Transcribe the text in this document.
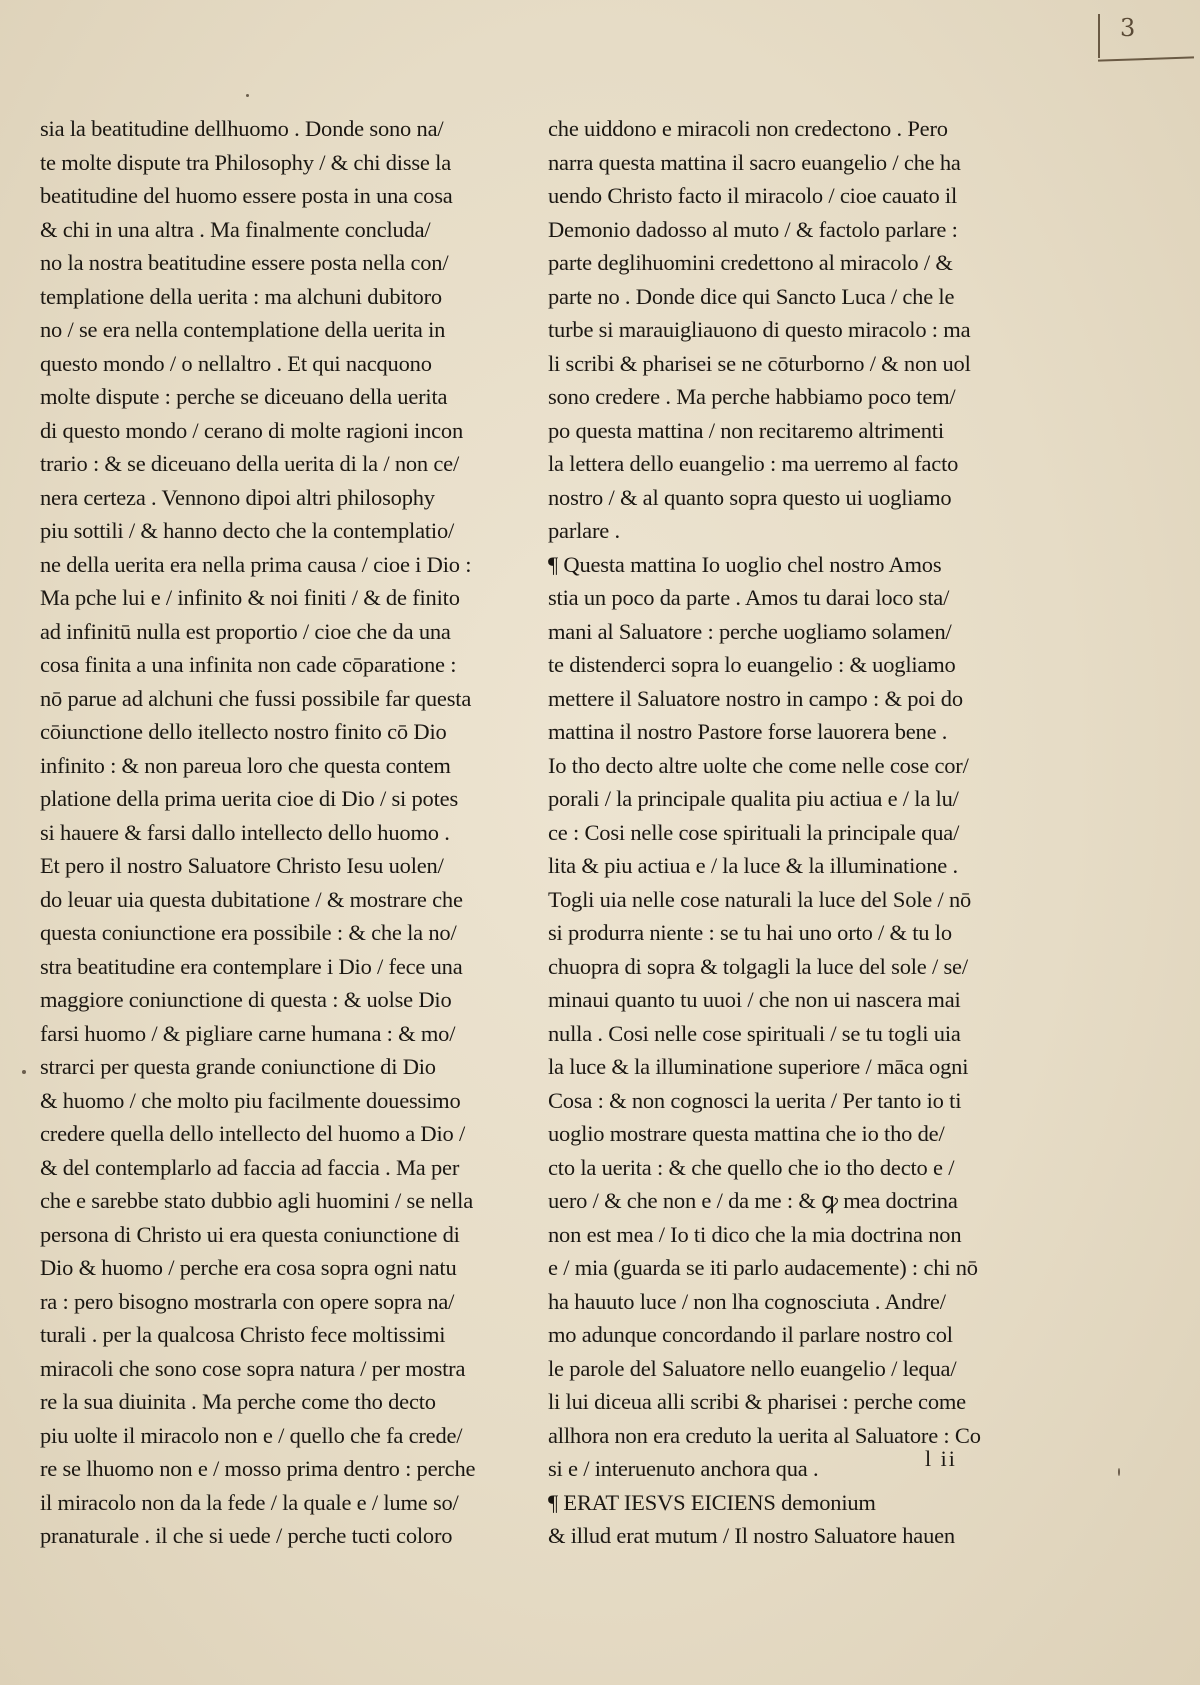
3
sia la beatitudine dellhuomo . Donde sono na/
te molte dispute tra Philosophy / & chi disse la
beatitudine del huomo essere posta in una cosa
& chi in una altra . Ma finalmente concluda/
no la nostra beatitudine essere posta nella con/
templatione della uerita : ma alchuni dubitoro
no / se era nella contemplatione della uerita in
questo mondo / o nellaltro . Et qui nacquono
molte dispute : perche se diceuano della uerita
di questo mondo / cerano di molte ragioni incon
trario : & se diceuano della uerita di la / non ce/
nera certeza . Vennono dipoi altri philosophy
piu sottili / & hanno decto che la contemplatio/
ne della uerita era nella prima causa / cioe i Dio :
Ma pche lui e / infinito & noi finiti / & de finito
ad infinitū nulla est proportio / cioe che da una
cosa finita a una infinita non cade cōparatione :
nō parue ad alchuni che fussi possibile far questa
cōiunctione dello itellecto nostro finito cō Dio
infinito : & non pareua loro che questa contem
platione della prima uerita cioe di Dio / si potes
si hauere & farsi dallo intellecto dello huomo .
Et pero il nostro Saluatore Christo Iesu uolen/
do leuar uia questa dubitatione / & mostrare che
questa coniunctione era possibile : & che la no/
stra beatitudine era contemplare i Dio / fece una
maggiore coniunctione di questa : & uolse Dio
farsi huomo / & pigliare carne humana : & mo/
strarci per questa grande coniunctione di Dio
& huomo / che molto piu facilmente douessimo
credere quella dello intellecto del huomo a Dio /
& del contemplarlo ad faccia ad faccia . Ma per
che e sarebbe stato dubbio agli huomini / se nella
persona di Christo ui era questa coniunctione di
Dio & huomo / perche era cosa sopra ogni natu
ra : pero bisogno mostrarla con opere sopra na/
turali . per la qualcosa Christo fece moltissimi
miracoli che sono cose sopra natura / per mostra
re la sua diuinita . Ma perche come tho decto
piu uolte il miracolo non e / quello che fa crede/
re se lhuomo non e / mosso prima dentro : perche
il miracolo non da la fede / la quale e / lume so/
pranaturale . il che si uede / perche tucti coloro
che uiddono e miracoli non credectono . Pero
narra questa mattina il sacro euangelio / che ha
uendo Christo facto il miracolo / cioe cauato il
Demonio dadosso al muto / & factolo parlare :
parte deglihuomini credettono al miracolo / &
parte no . Donde dice qui Sancto Luca / che le
turbe si marauigliauono di questo miracolo : ma
li scribi & pharisei se ne cōturborno / & non uol
sono credere . Ma perche habbiamo poco tem/
po questa mattina / non recitaremo altrimenti
la lettera dello euangelio : ma uerremo al facto
nostro / & al quanto sopra questo ui uogliamo
parlare .
¶ Questa mattina Io uoglio chel nostro Amos
stia un poco da parte . Amos tu darai loco sta/
mani al Saluatore : perche uogliamo solamen/
te distenderci sopra lo euangelio : & uogliamo
mettere il Saluatore nostro in campo : & poi do
mattina il nostro Pastore forse lauorera bene .
Io tho decto altre uolte che come nelle cose cor/
porali / la principale qualita piu actiua e / la lu/
ce : Cosi nelle cose spirituali la principale qua/
lita & piu actiua e / la luce & la illuminatione .
Togli uia nelle cose naturali la luce del Sole / nō
si produrra niente : se tu hai uno orto / & tu lo
chuopra di sopra & tolgagli la luce del sole / se/
minaui quanto tu uuoi / che non ui nascera mai
nulla . Cosi nelle cose spirituali / se tu togli uia
la luce & la illuminatione superiore / māca ogni
Cosa : & non cognosci la uerita / Per tanto io ti
uoglio mostrare questa mattina che io tho de/
cto la uerita : & che quello che io tho decto e /
uero / & che non e / da me : & ꝙ mea doctrina
non est mea / Io ti dico che la mia doctrina non
e / mia (guarda se iti parlo audacemente) : chi nō
ha hauuto luce / non lha cognosciuta . Andre/
mo adunque concordando il parlare nostro col
le parole del Saluatore nello euangelio / lequa/
li lui diceua alli scribi & pharisei : perche come
allhora non era creduto la uerita al Saluatore : Co
si e / interuenuto anchora qua .
¶ ERAT IESVS EICIENS demonium
& illud erat mutum / Il nostro Saluatore hauen
l ii
